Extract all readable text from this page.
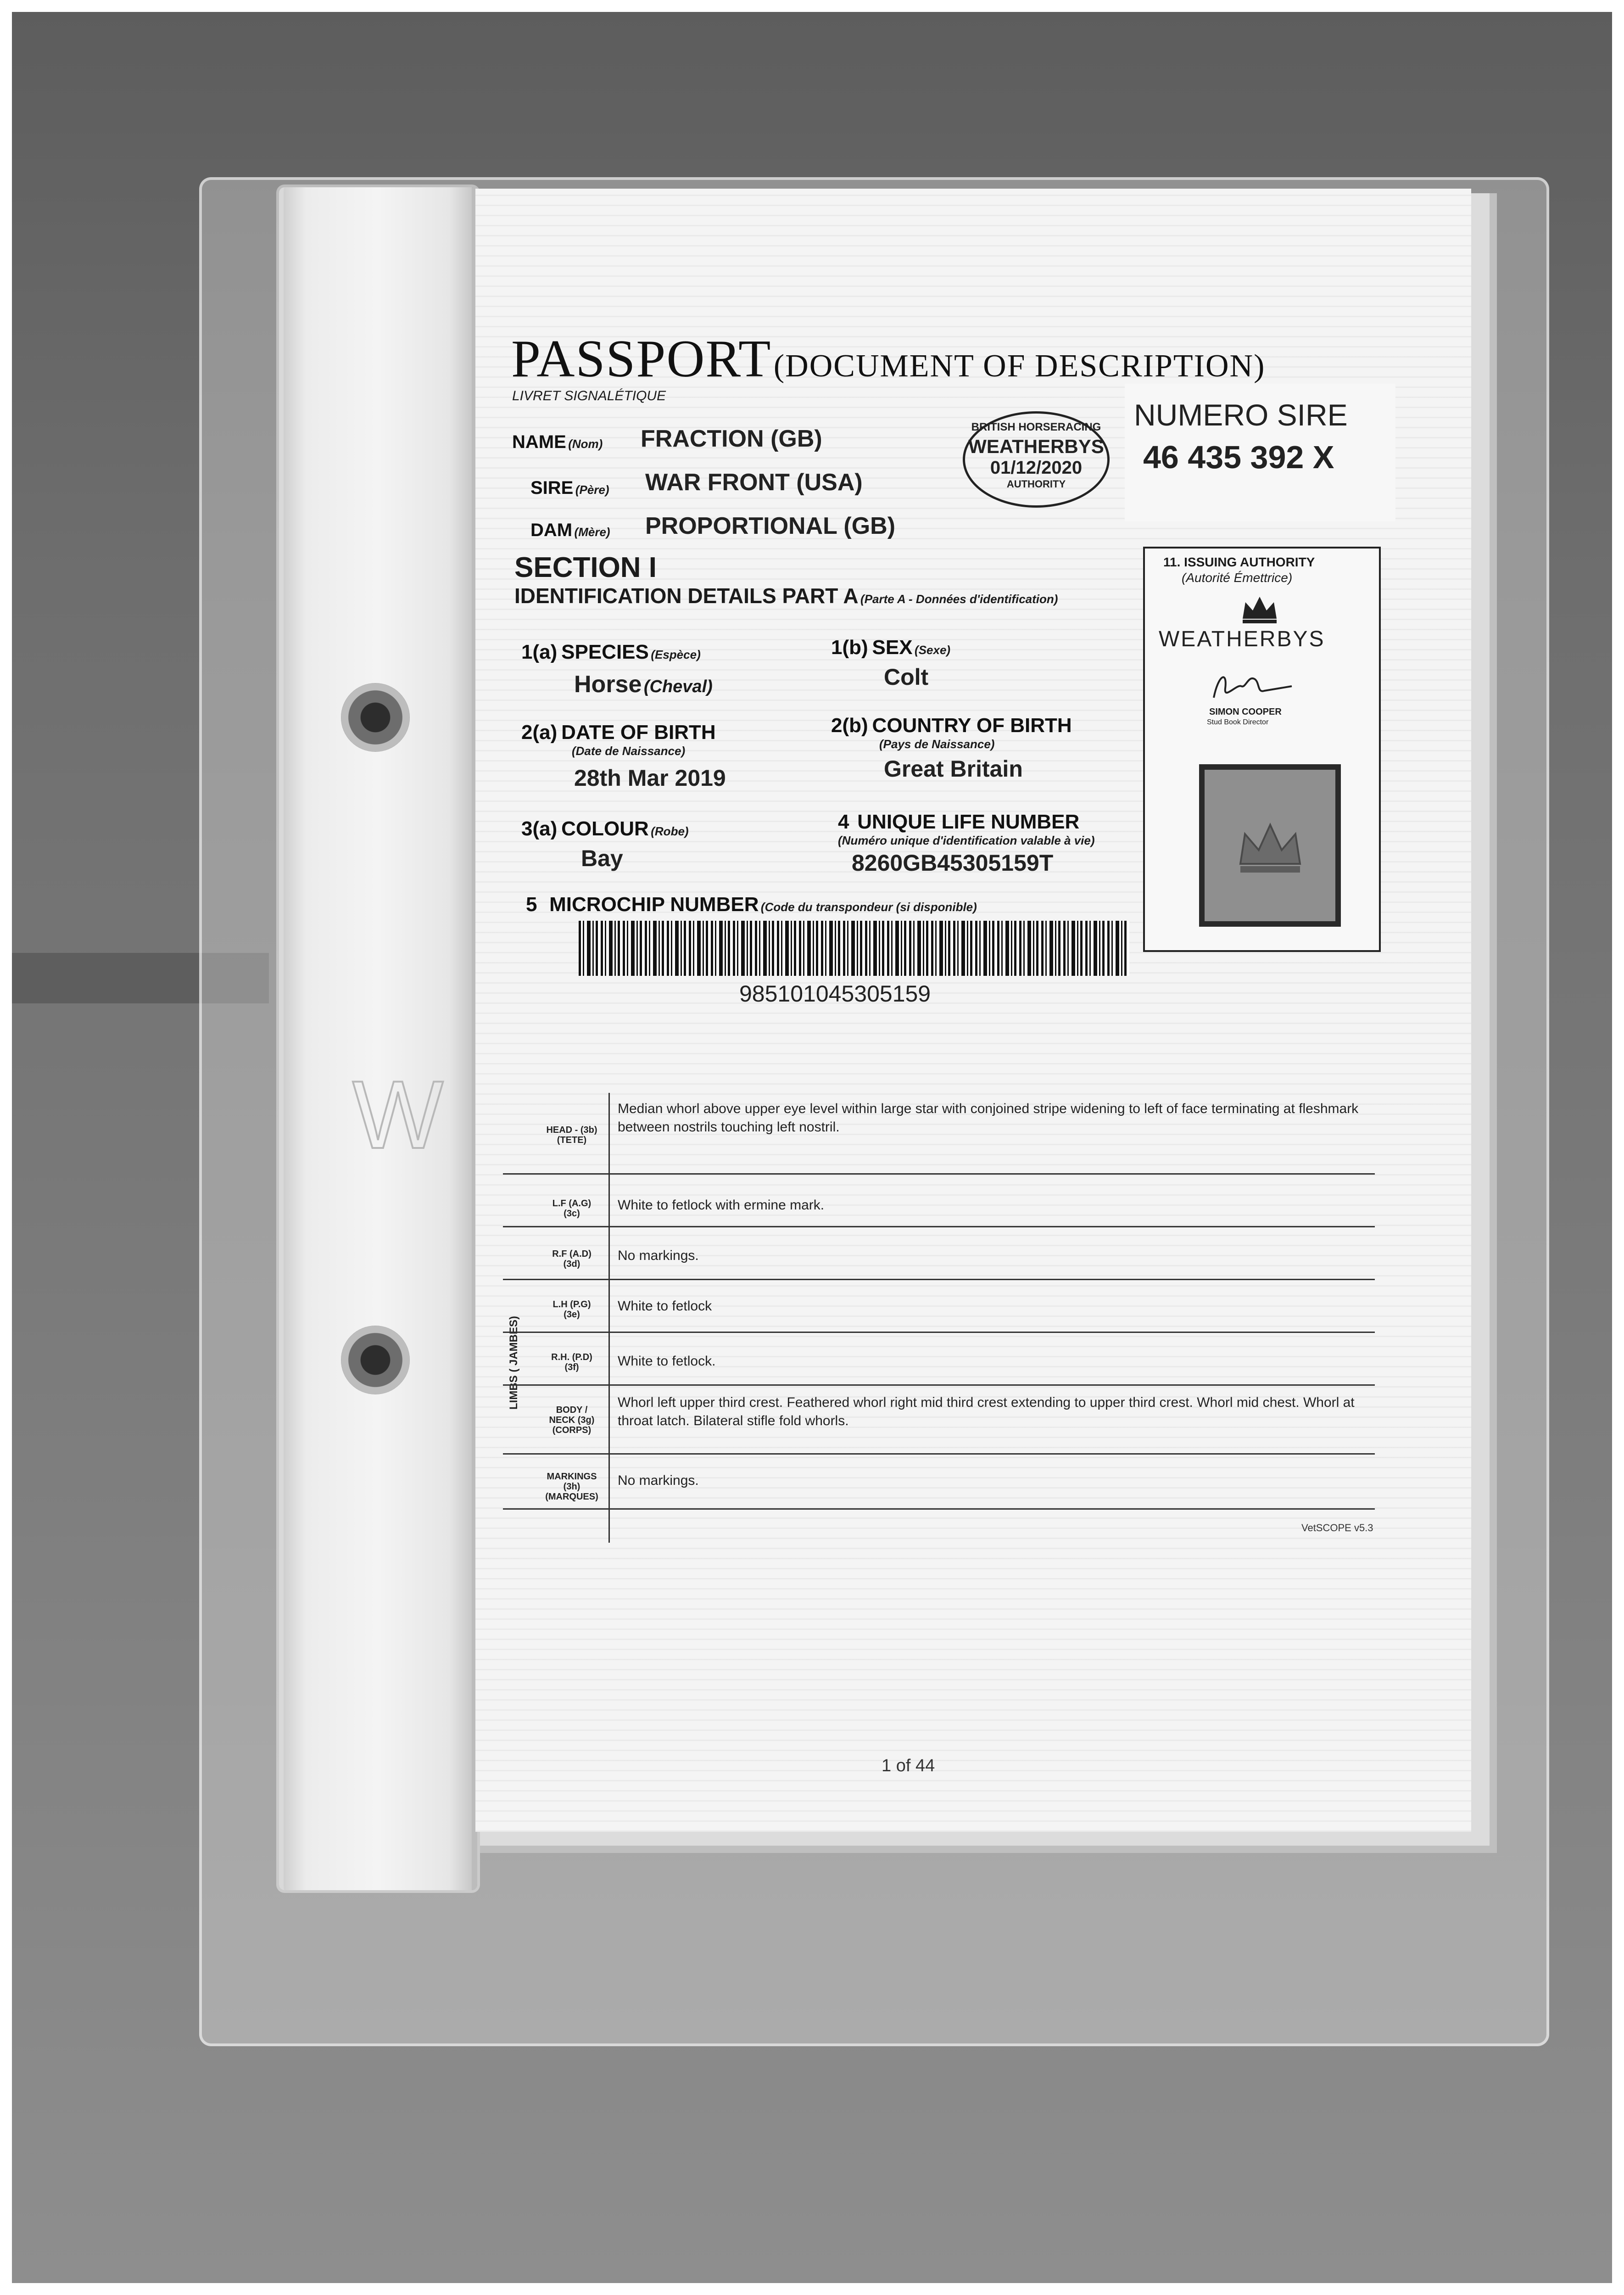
W
PASSPORT (DOCUMENT OF DESCRIPTION)
LIVRET SIGNALÉTIQUE
NAME (Nom) FRACTION (GB)
SIRE (Père) WAR FRONT (USA)
DAM (Mère) PROPORTIONAL (GB)
BRITISH HORSERACING
WEATHERBYS
01/12/2020
AUTHORITY
NUMERO SIRE
46 435 392 X
11. ISSUING AUTHORITY
(Autorité Émettrice)
WEATHERBYS
SIMON COOPER
Stud Book Director
SECTION I
IDENTIFICATION DETAILS PART A (Parte A - Données d'identification)
1(a) SPECIES (Espèce)
Horse (Cheval)
1(b) SEX (Sexe)
Colt
2(a) DATE OF BIRTH
(Date de Naissance)
28th Mar 2019
2(b) COUNTRY OF BIRTH
(Pays de Naissance)
Great Britain
3(a) COLOUR (Robe)
Bay
4 UNIQUE LIFE NUMBER
(Numéro unique d'identification valable à vie)
8260GB45305159T
5 MICROCHIP NUMBER (Code du transpondeur (si disponible)
985101045305159
LIMBS ( JAMBES)
HEAD - (3b) (TETE)
Median whorl above upper eye level within large star with conjoined stripe widening to left of face terminating at fleshmark between nostrils touching left nostril.
L.F (A.G) (3c)
White to fetlock with ermine mark.
R.F (A.D) (3d)
No markings.
L.H (P.G) (3e)
White to fetlock
R.H. (P.D) (3f)	White to fetlock.
BODY / NECK (3g) (CORPS)
Whorl left upper third crest. Feathered whorl right mid third crest extending to upper third crest. Whorl mid chest. Whorl at throat latch. Bilateral stifle fold whorls.
MARKINGS (3h) (MARQUES)
No markings.
VetSCOPE v5.3
1 of 44
